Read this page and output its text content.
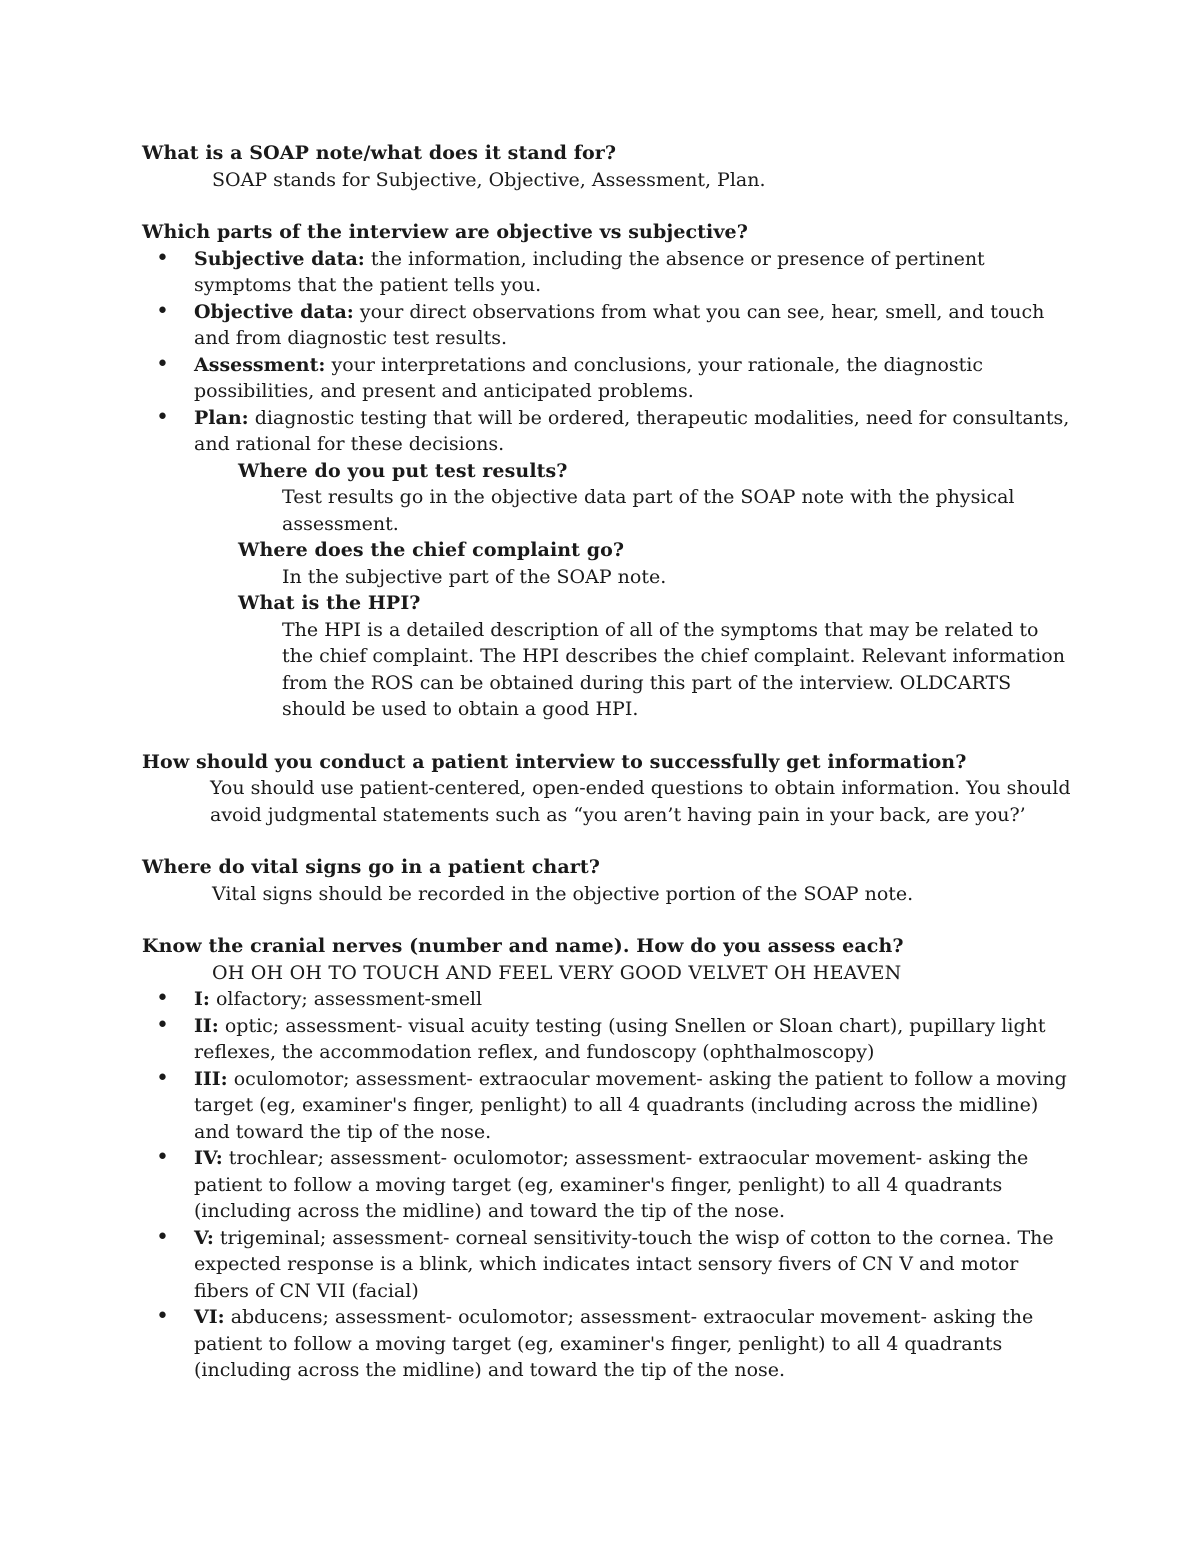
What is a SOAP note/what does it stand for?

SOAP stands for Subjective, Objective, Assessment, Plan.

Which parts of the interview are objective vs subjective?

• Subjective data: the information, including the absence or presence of pertinent symptoms that the patient tells you.
• Objective data: your direct observations from what you can see, hear, smell, and touch and from diagnostic test results.
• Assessment: your interpretations and conclusions, your rationale, the diagnostic possibilities, and present and anticipated problems.
• Plan: diagnostic testing that will be ordered, therapeutic modalities, need for consultants, and rational for these decisions.

Where do you put test results?

Test results go in the objective data part of the SOAP note with the physical assessment.

Where does the chief complaint go?

In the subjective part of the SOAP note.

What is the HPI?

The HPI is a detailed description of all of the symptoms that may be related to the chief complaint. The HPI describes the chief complaint. Relevant information from the ROS can be obtained during this part of the interview. OLDCARTS should be used to obtain a good HPI.

How should you conduct a patient interview to successfully get information?

You should use patient-centered, open-ended questions to obtain information. You should avoid judgmental statements such as “you aren’t having pain in your back, are you?’

Where do vital signs go in a patient chart?

Vital signs should be recorded in the objective portion of the SOAP note.

Know the cranial nerves (number and name). How do you assess each?

OH OH OH TO TOUCH AND FEEL VERY GOOD VELVET OH HEAVEN

• I: olfactory; assessment-smell
• II: optic; assessment- visual acuity testing (using Snellen or Sloan chart), pupillary light reflexes, the accommodation reflex, and fundoscopy (ophthalmoscopy)
• III: oculomotor; assessment- extraocular movement- asking the patient to follow a moving target (eg, examiner's finger, penlight) to all 4 quadrants (including across the midline) and toward the tip of the nose.
• IV: trochlear; assessment- oculomotor; assessment- extraocular movement- asking the patient to follow a moving target (eg, examiner's finger, penlight) to all 4 quadrants (including across the midline) and toward the tip of the nose.
• V: trigeminal; assessment- corneal sensitivity-touch the wisp of cotton to the cornea. The expected response is a blink, which indicates intact sensory fivers of CN V and motor fibers of CN VII (facial)
• VI: abducens; assessment- oculomotor; assessment- extraocular movement- asking the patient to follow a moving target (eg, examiner's finger, penlight) to all 4 quadrants (including across the midline) and toward the tip of the nose.
